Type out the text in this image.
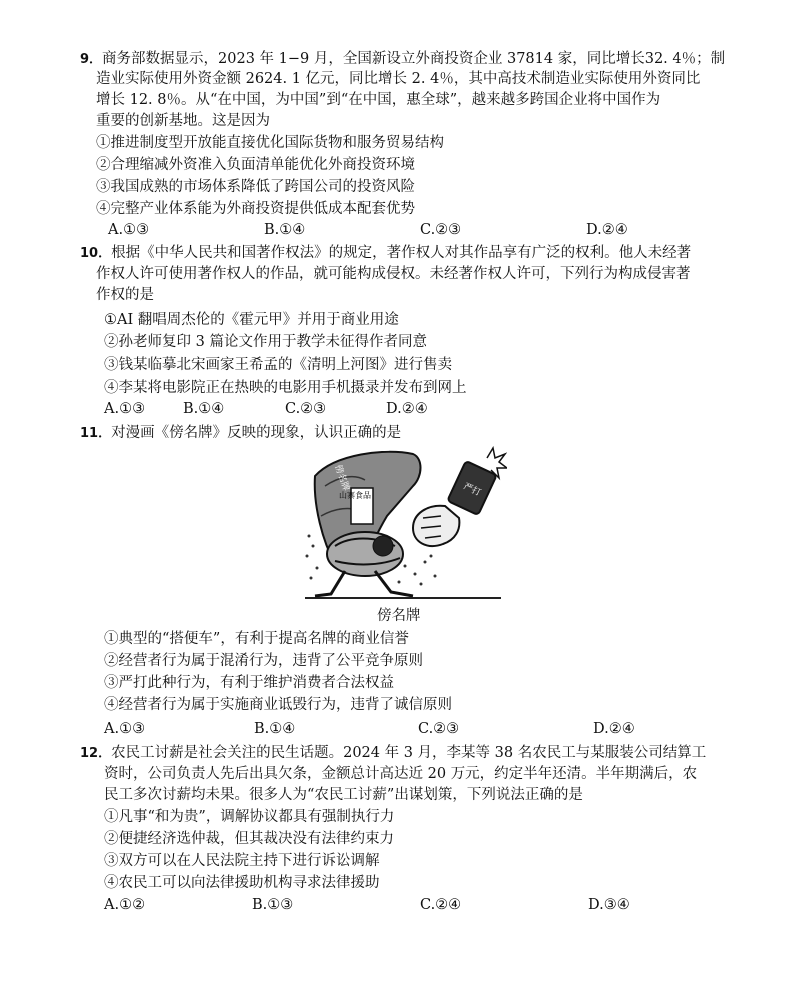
9．商务部数据显示，2023 年 1−9 月，全国新设立外商投资企业 37814 家，同比增长32. 4％；制
造业实际使用外资金额 2624. 1 亿元，同比增长 2. 4％，其中高技术制造业实际使用外资同比
增长 12. 8％。从“在中国，为中国”到“在中国，惠全球”，越来越多跨国企业将中国作为
重要的创新基地。这是因为
①推进制度型开放能直接优化国际货物和服务贸易结构
②合理缩减外资准入负面清单能优化外商投资环境
③我国成熟的市场体系降低了跨国公司的投资风险
④完整产业体系能为外商投资提供低成本配套优势
A.①③	B.①④	C.②③	D.②④
10．根据《中华人民共和国著作权法》的规定，著作权人对其作品享有广泛的权利。他人未经著
作权人许可使用著作权人的作品，就可能构成侵权。未经著作权人许可，下列行为构成侵害著
作权的是
①AI 翻唱周杰伦的《霍元甲》并用于商业用途
②孙老师复印 3 篇论文作用于教学未征得作者同意
③钱某临摹北宋画家王希孟的《清明上河图》进行售卖
④李某将电影院正在热映的电影用手机摄录并发布到网上
A.①③	B.①④	C.②③	D.②④
11．对漫画《傍名牌》反映的现象，认识正确的是
傍名牌
山寨食品	严打
傍名牌
①典型的“搭便车”，有利于提高名牌的商业信誉
②经营者行为属于混淆行为，违背了公平竞争原则
③严打此种行为，有利于维护消费者合法权益
④经营者行为属于实施商业诋毁行为，违背了诚信原则
A.①③	B.①④	C.②③	D.②④
12．农民工讨薪是社会关注的民生话题。2024 年 3 月，李某等 38 名农民工与某服装公司结算工
资时，公司负责人先后出具欠条，金额总计高达近 20 万元，约定半年还清。半年期满后，农
民工多次讨薪均未果。很多人为“农民工讨薪”出谋划策，下列说法正确的是
①凡事“和为贵”，调解协议都具有强制执行力
②便捷经济选仲裁，但其裁决没有法律约束力
③双方可以在人民法院主持下进行诉讼调解
④农民工可以向法律援助机构寻求法律援助
A.①②	B.①③	C.②④	D.③④
